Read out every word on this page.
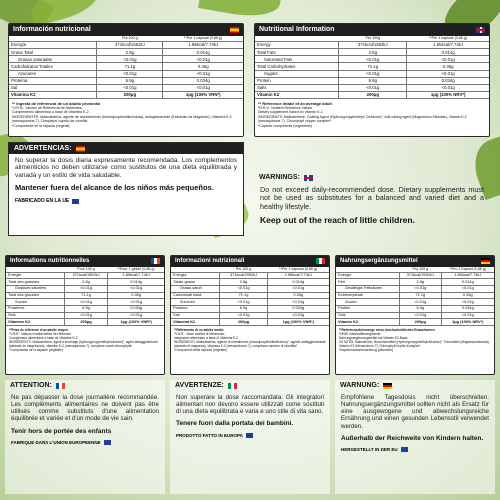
Información nutricional
	Por 100 g	**Por 1 cápsula (0,86 g)
Energía	371kcal/1552kJ	1.85kcal/7.74kJ
Grasa Total	2.8g	0.014g
Grasas saturadas	<0.01g	<0.01g
Carbohidratos Totales	71.1g	0.35g
Azucares	<0.01g	<0.01g
Proteína	6.9g	0.034g
Sal	<0.01g	<0.01g
Vitamina K2	200μg	1μg (100% VRN*)
** Ingesta de referencia de un adulto promedio
*V.R.N.: Valores de Referencia de Nutrientes.
Complemento alimenticio a base de Vitamina K-2.
INGREDIENTES: Maltodextrina, agente de recubrimiento (hidroxipropilmetilcelulosa), antiaglomerante (Estearato de Magnesio), Vitamina K-2 (menaquinona-7), Complejos cúprico de clorofila
*Componente de la cápsula (vegetal)
Nutritional Information
	Per 100g	**Per 1 capsule (0.86 g)
Energy	371kcal/1552kJ	1.85kcal/7.74kJ
Total Fats	2.8g	0.014g
Saturated Fats	<0.01g	<0.01g
Total Carbohydrates	71.1g	0.35g
Sugars	<0.01g	<0.01g
Protein	6.9g	0.034g
Salts	<0.01g	<0.01g
Vitamin K2	200μg	1μg (100% NRV*)
** Reference intake of an average adult
*N.R.V.: Nutrient Reference Values
Dietary supplement based on Vitamin K-2.
INGREDIENTS: Maltodextrine, Coating Agent (Hydroxypropylmethyl/ Cellulose)*, Anti-caking agent (Magnesium Stearate), Vitamin K-2 (menaquinone-7), Chlorophyll copper complex*
*Capsule components (vegetarian)
ADVERTENCIAS:
No superar la dosis diaria expresamente recomendada. Los complementos alimenticios no deben utilizarse como sustitutos de una dieta equilibrada y variada y un estilo de vida saludable.
Mantener fuera del alcance de los niños más pequeños.
FABRICADO EN LA UE
WARNINGS:
Do not exceed daily-recommended dose. Dietary supplements must not be used as substitutes for a balanced and varied diet and a healthy lifestyle.
Keep out of the reach of little children.
Informations nutritionnelles
	Pour 100 g	**Pour 1 gélule (0,86 g)
Énergie	371kcal/1552kJ	1.85kcal/7.74kJ
Total des graisses	2.8g	0.014g
Graisses saturées	<0.01g	<0.01g
Total des glucides	71.1g	0.35g
Sucres	<0.01g	<0.01g
Protéines	6.9g	0.034g
Sels	<0.01g	<0.01g
Vitamine K2	200μg	1μg (100% VNR*)
**Prise de référence d'un adulte moyen
*V.N.R.: Valeurs nutritionnelles de référence.
Complément alimentaire à base de Vitamine K-2.
INGRÉDIENTS: Maltodextrine, agent d'enrobage (hydroxypropylméthylcellulose)*, agent antiagglomérant (stéarate de magnésium), vitamine K-2 (ménaquinone-7), complexe cuivre-chlorophylle
*Composants de la capsule (végétale)
Informazioni nutrizionali
	Per 100 g	**Per 1 capsula (0,86 g)
Energia	371kcal/1552kJ	1.85kcal/7.74kJ
Totale grassi	2.8g	0.014g
Grassi saturi	<0.01g	<0.01g
Carboidrati totali	71.1g	0.35g
Zuccheri	<0.01g	<0.01g
Proteine	6.9g	0.034g
Sali	<0.01g	<0.01g
Vitamina K2	200μg	1μg (100% VNR*)
**Riferimento di un adulto medio
*V.N.R.: Valori nutritivi di riferimento.
Integratore alimentare a base di Vitamina K-2.
INGREDIENTI: Maltodestrina, agente di rivestimento (idrossipropilmetilcellulosa)*, agente antiagglomerante (stearato di magnesio), Vitamina K-2 (menachinone-7), complesso rameico di clorofilla*
*Componenti della capsula (vegetale)
Nahrungsergänzungsmittel
	Pro 100 g	**Pro 1 Kapsel (0,86 g)
Energie	371kcal/1552kJ	1.85kcal/7.74kJ
Fett	2.8g	0.014g
Gesättigte Fettsäuren	<0.01g	<0.01g
Kohlenhydrate	71.1g	0.35g
Zucker	<0.01g	<0.01g
Protein	6.9g	0.034g
Salz	<0.01g	<0.01g
Vitamin K2	200μg	1μg (100% NRV*)
**Referenzzufuhrmenge eines durchschnittlichen Erwachsenen
*NRW: Nährstoffbezugswerte.
Nahrungsergänzungsmittel auf Vitamin K2-Basis
ZUTATEN: Maltodextrin, Beschichtmittel (Hydroxypropylmethylcellulose)*, Trennmittel (Magnesiumstearat), Vitamin K2 (Menachinon-7), Chlorophyll-Kupfer-Komplex*
*Kapselzusammensetzung (pflanzlich)
ATTENTION:
Ne pas dépasser la dose journalière recommandée. Les compléments alimentaires ne doivent pas être utilisés comme substituts d'une alimentation équilibrée et variée et d'un mode de vie sain.
Tenir hors de portée des enfants
FABRIQUE DANS L'UNION EUROPEENNE
AVVERTENZE:
Non superare la dose raccomandata. Gli integratori alimentari non devono essere utilizzati come sostituti di una dieta equilibrata e varia e uno stile di vita sano.
Tenere fuori dalla portata dei bambini.
PRODOTTO FATTO IN EUROPA
WARNUNG:
Empfohlene Tagesdosis nicht überschreiten. Nahrungsergänzungsmittel sollten nicht als Ersatz für eine ausgewogene und abwechslungsreiche Ernährung und einen gesunden Lebensstil verwendet werden.
Außerhalb der Reichweite von Kindern halten.
HERGESTELLT IN DER EU
